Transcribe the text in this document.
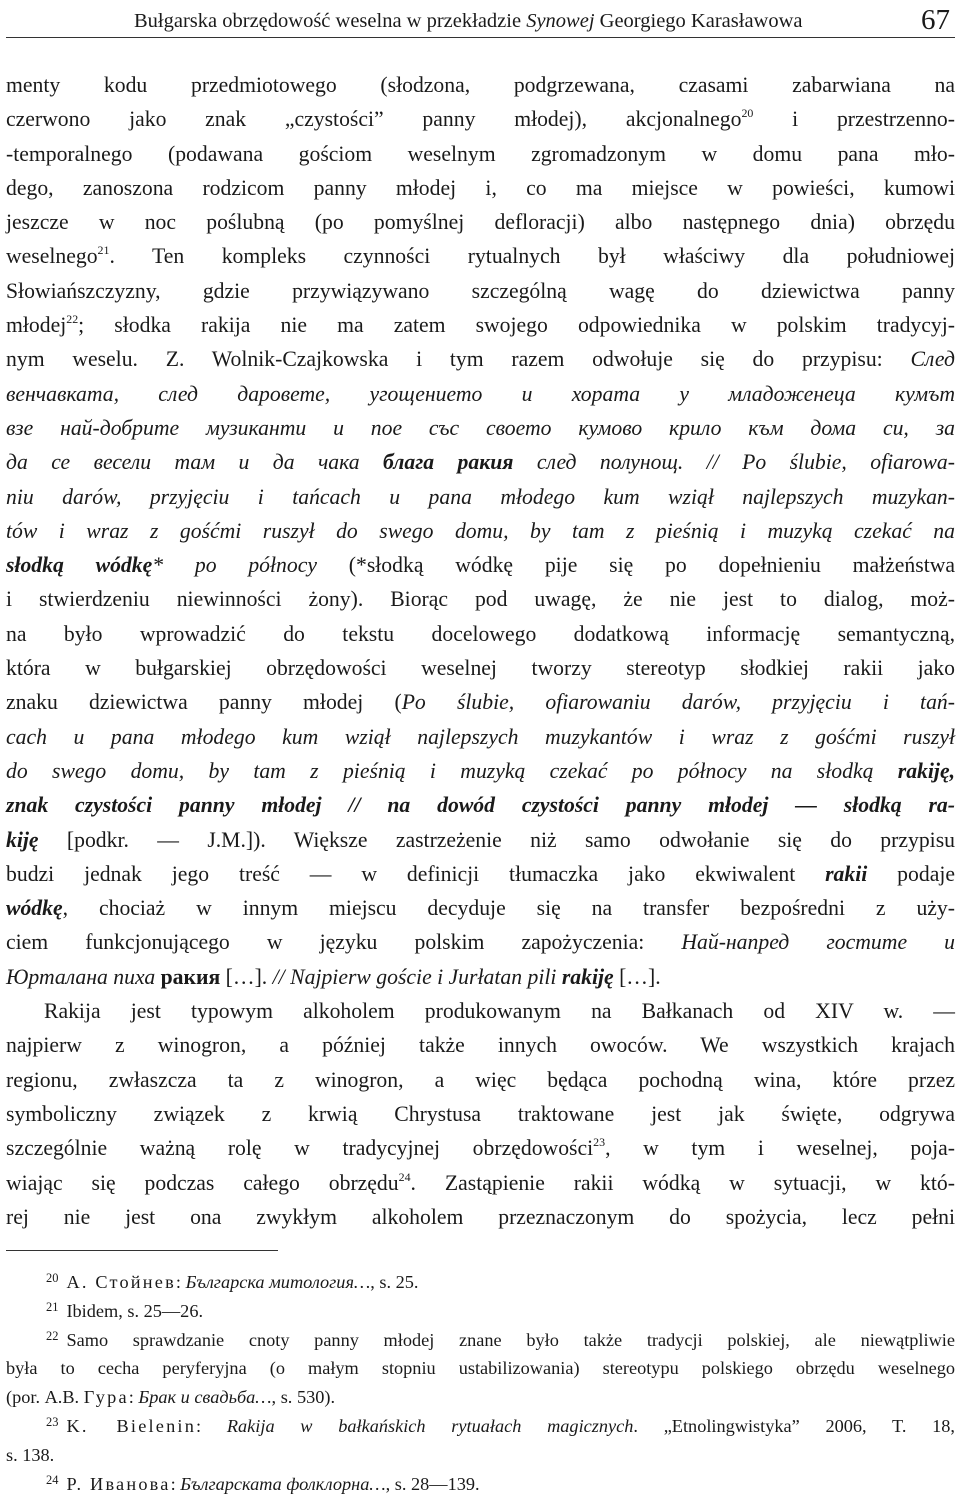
Bułgarska obrzędowość weselna w przekładzie Synowej Georgiego Karasławowa	67
menty kodu przedmiotowego (słodzona, podgrzewana, czasami zabarwiana na
czerwono jako znak „czystości” panny młodej), akcjonalnego$^{20}$ i przestrzenno-
-temporalnego (podawana gościom weselnym zgromadzonym w domu pana mło-
dego, zanoszona rodzicom panny młodej i, co ma miejsce w powieści, kumowi
jeszcze w noc poślubną (po pomyślnej defloracji) albo następnego dnia) obrzędu
weselnego$^{21}$. Ten kompleks czynności rytualnych był właściwy dla południowej
Słowiańszczyzny, gdzie przywiązywano szczególną wagę do dziewictwa panny
młodej$^{22}$; słodka rakija nie ma zatem swojego odpowiednika w polskim tradycyj-
nym weselu. Z. Wolnik-Czajkowska i tym razem odwołuje się do przypisu: След
венчавката, след даровете, угощението и хората у младоженеца кумът
взе най-добрите музиканти и пое със своето кумово крило към дома си, за
да се весели там и да чака блага ракия след полунощ. // Po ślubie, ofiarowa-
niu darów, przyjęciu i tańcach u pana młodego kum wziął najlepszych muzykan-
tów i wraz z gośćmi ruszył do swego domu, by tam z pieśnią i muzyką czekać na
słodką wódkę* po północy (*słodką wódkę pije się po dopełnieniu małżeństwa
i stwierdzeniu niewinności żony). Biorąc pod uwagę, że nie jest to dialog, moż-
na było wprowadzić do tekstu docelowego dodatkową informację semantyczną,
która w bułgarskiej obrzędowości weselnej tworzy stereotyp słodkiej rakii jako
znaku dziewictwa panny młodej (Po ślubie, ofiarowaniu darów, przyjęciu i tań-
cach u pana młodego kum wziął najlepszych muzykantów i wraz z gośćmi ruszył
do swego domu, by tam z pieśnią i muzyką czekać po północy na słodką rakiję,
znak czystości panny młodej // na dowód czystości panny młodej — słodką ra-
kiję [podkr. — J.M.]). Większe zastrzeżenie niż samo odwołanie się do przypisu
budzi jednak jego treść — w definicji tłumaczka jako ekwiwalent rakii podaje
wódkę, chociaż w innym miejscu decyduje się na transfer bezpośredni z uży-
ciem funkcjonującego w języku polskim zapożyczenia: Най-напред гостите и
Юрталана пиха ракия […]. // Najpierw goście i Jurłatan pili rakiję […].
Rakija jest typowym alkoholem produkowanym na Bałkanach od XIV w. —
najpierw z winogron, a później także innych owoców. We wszystkich krajach
regionu, zwłaszcza ta z winogron, a więc będąca pochodną wina, które przez
symboliczny związek z krwią Chrystusa traktowane jest jak święte, odgrywa
szczególnie ważną rolę w tradycyjnej obrzędowości$^{23}$, w tym i weselnej, poja-
wiając się podczas całego obrzędu$^{24}$. Zastąpienie rakii wódką w sytuacji, w któ-
rej nie jest ona zwykłym alkoholem przeznaczonym do spożycia, lecz pełni
$^{20}$ А. Стойнев: Българска митология…, s. 25.
$^{21}$ Ibidem, s. 25—26.
$^{22}$ Samo sprawdzanie cnoty panny młodej znane było także tradycji polskiej, ale niewątpliwie
była to cecha peryferyjna (o małym stopniu ustabilizowania) stereotypu polskiego obrzędu weselnego
(por. А.В. Гура: Брак и свадьба…, s. 530).
$^{23}$ K. Bielenin: Rakija w bałkańskich rytuałach magicznych. „Etnolingwistyka” 2006, T. 18,
s. 138.
$^{24}$ Р. Иванова: Българската фолклорна…, s. 28—139.
